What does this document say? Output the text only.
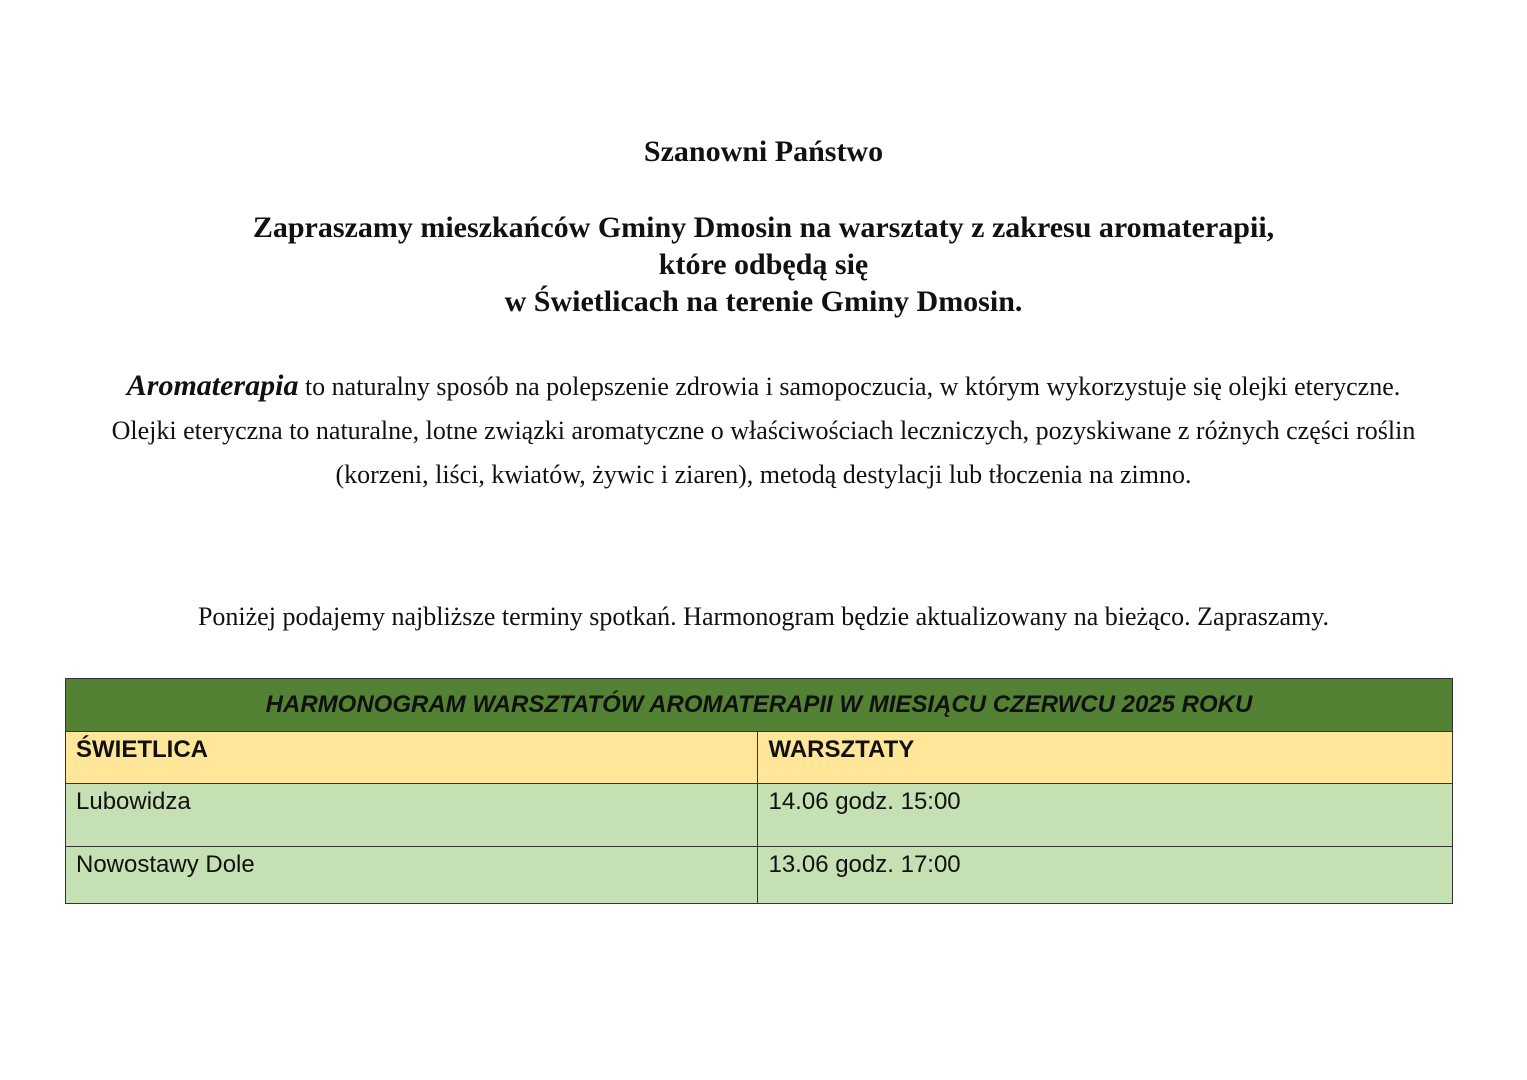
Szanowni Państwo
Zapraszamy mieszkańców Gminy Dmosin na warsztaty z zakresu aromaterapii,
które odbędą się
w Świetlicach na terenie Gminy Dmosin.

Aromaterapia to naturalny sposób na polepszenie zdrowia i samopoczucia, w którym wykorzystuje się olejki eteryczne. Olejki eteryczna to naturalne, lotne związki aromatyczne o właściwościach leczniczych, pozyskiwane z różnych części roślin (korzeni, liści, kwiatów, żywic i ziaren), metodą destylacji lub tłoczenia na zimno.

Poniżej podajemy najbliższe terminy spotkań. Harmonogram będzie aktualizowany na bieżąco. Zapraszamy.
HARMONOGRAM WARSZTATÓW AROMATERAPII W MIESIĄCU CZERWCU 2025 ROKU	
ŚWIETLICA	WARSZTATY
Lubowidza	14.06 godz. 15:00
Nowostawy Dole	13.06 godz. 17:00
